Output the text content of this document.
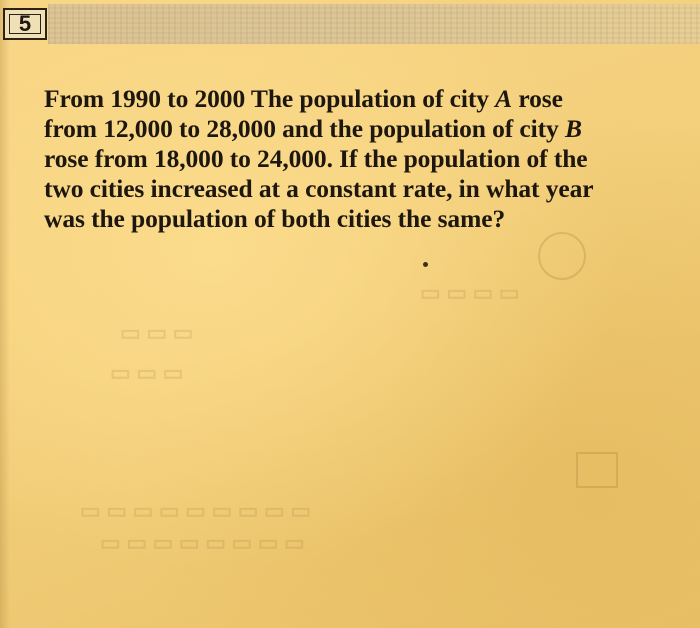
5
▭ ▭ ▭ ▭
▭ ▭ ▭
▭ ▭ ▭
▭ ▭ ▭ ▭ ▭ ▭ ▭ ▭ ▭
▭ ▭ ▭ ▭ ▭ ▭ ▭ ▭

From 1990 to 2000 The population of city A rose
from 12,000 to 28,000 and the population of city B
rose from 18,000 to 24,000. If the population of the
two cities increased at a constant rate, in what year
was the population of both cities the same?
